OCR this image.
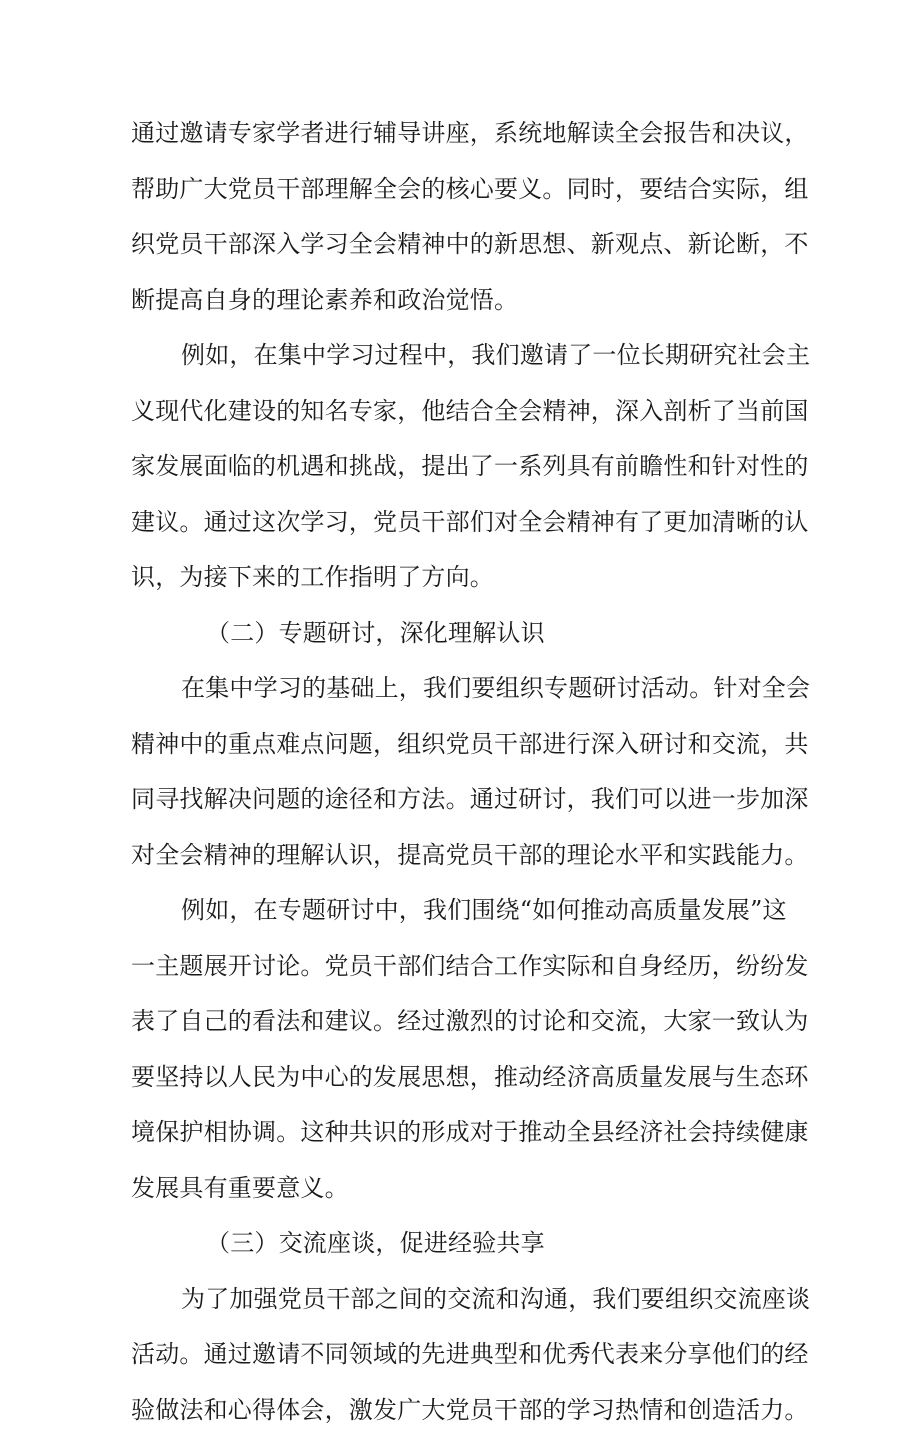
通过邀请专家学者进行辅导讲座，系统地解读全会报告和决议，
帮助广大党员干部理解全会的核心要义。同时，要结合实际，组
织党员干部深入学习全会精神中的新思想、新观点、新论断，不
断提高自身的理论素养和政治觉悟。
例如，在集中学习过程中，我们邀请了一位长期研究社会主
义现代化建设的知名专家，他结合全会精神，深入剖析了当前国
家发展面临的机遇和挑战，提出了一系列具有前瞻性和针对性的
建议。通过这次学习，党员干部们对全会精神有了更加清晰的认
识，为接下来的工作指明了方向。
（二）专题研讨，深化理解认识
在集中学习的基础上，我们要组织专题研讨活动。针对全会
精神中的重点难点问题，组织党员干部进行深入研讨和交流，共
同寻找解决问题的途径和方法。通过研讨，我们可以进一步加深
对全会精神的理解认识，提高党员干部的理论水平和实践能力。
例如，在专题研讨中，我们围绕“如何推动高质量发展”这
一主题展开讨论。党员干部们结合工作实际和自身经历，纷纷发
表了自己的看法和建议。经过激烈的讨论和交流，大家一致认为
要坚持以人民为中心的发展思想，推动经济高质量发展与生态环
境保护相协调。这种共识的形成对于推动全县经济社会持续健康
发展具有重要意义。
（三）交流座谈，促进经验共享
为了加强党员干部之间的交流和沟通，我们要组织交流座谈
活动。通过邀请不同领域的先进典型和优秀代表来分享他们的经
验做法和心得体会，激发广大党员干部的学习热情和创造活力。
